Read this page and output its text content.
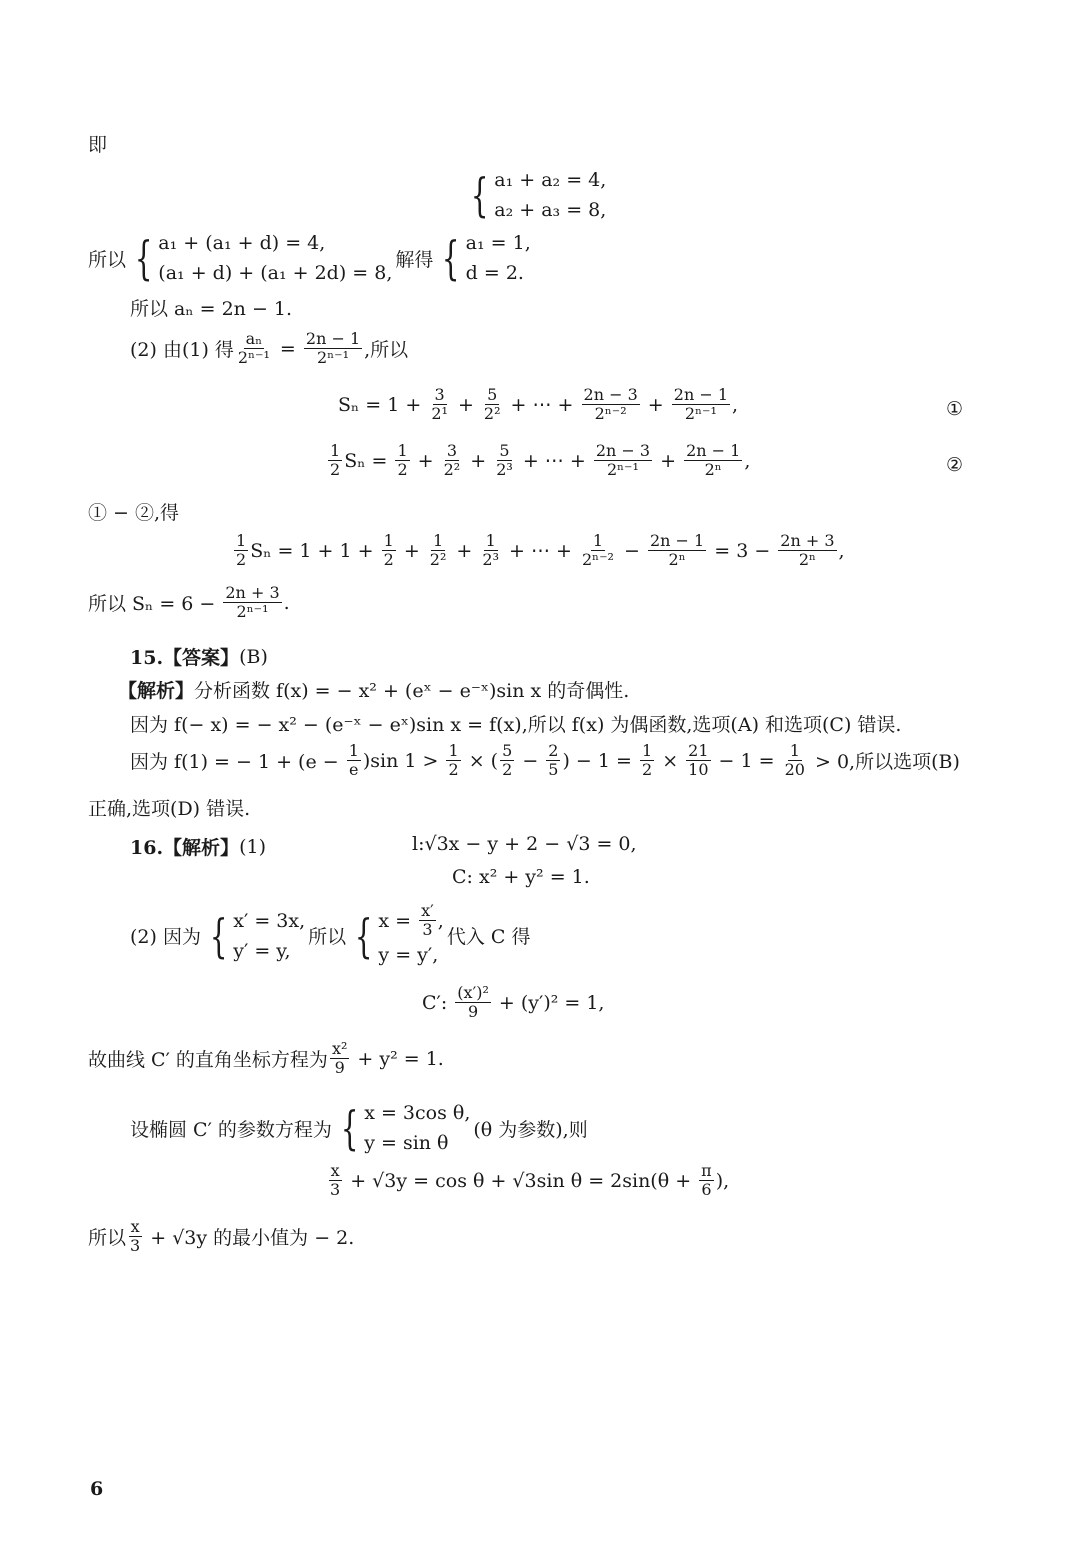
即
{ a₁ + a₂ = 4,
a₂ + a₃ = 8,
所以 { a₁ + (a₁ + d) = 4,
(a₁ + d) + (a₁ + 2d) = 8,
解得 { a₁ = 1,
d = 2.
所以 aₙ = 2n − 1.
(2) 由(1) 得 $\frac{\text{aₙ}}{\text{2ⁿ⁻¹}} = \frac{2n - 1}{\text{2ⁿ⁻¹}}$ ,所以
$S_n = 1 + \frac{3}{\text{2¹}} + \frac{5}{\text{2²}}$ + ⋯ + $\frac{2n - 3}{\text{2ⁿ⁻²}} + \frac{2n - 1}{\text{2ⁿ⁻¹}}$ ,	①
$\frac{1}{2}$ $S_n = \frac{1}{2} + \frac{3}{\text{2²}} + \frac{5}{\text{2³}}$ + ⋯ + $\frac{2n - 3}{\text{2ⁿ⁻¹}} + \frac{2n - 1}{\text{2ⁿ}}$ ,	②
① − ②,得
$\frac{1}{2}$ $S_n = 1 + 1 + \frac{1}{2} + \frac{1}{\text{2²}} + \frac{1}{\text{2³}}$ + ⋯ + $\frac{1}{\text{2ⁿ⁻²}} - \frac{2n - 1}{\text{2ⁿ}} = 3 - \frac{2n + 3}{\text{2ⁿ}}$ ,
所以 $S_n = 6 - \frac{2n + 3}{\text{2ⁿ⁻¹}}$ .
15.【答案】 (B)
【解析】 分析函数 f(x) = − x² + (eˣ − e⁻ˣ)sin x 的奇偶性.
因为 f(− x) = − x² − (e⁻ˣ − eˣ)sin x = f(x),所以 f(x) 为偶函数,选项(A) 和选项(C) 错误.
因为 f(1) = − $1 + (e - \frac{1}{e} )\sin$ $1 > \frac{1}{2}$ × ( $\frac{5}{2} - \frac{2}{5}$ ) − $1 = \frac{1}{2} \times \frac{21}{10} - 1 = \frac{1}{20} > 0$,所以选项(B)
正确,选项(D) 错误.
16.【解析】 (1)	l:√3x − y + 2 − √3 = 0,
C: x² + y² = 1.
(2) 因为 { x′ = 3x,
y′ = y,
所以 { $x = \frac{x'}{3}$ ,
y = y′,
代入 C 得
C′: $\frac{\text{(x′)²}}{9} + (y')^2 = 1$,
故曲线 C′ 的直角坐标方程为 $\frac{\text{x²}}{9} + y^2 = 1$.
设椭圆 C′ 的参数方程为 { x = 3cos θ,
y = sin θ
(θ 为参数),则
$\frac{x}{3} + √3y = \cos \theta + √3\sin$ $\theta = 2\sin(\theta + \frac{\pi}{6}$ ),
所以 $\frac{x}{3} + √3y$ 的最小值为 − 2.
6
